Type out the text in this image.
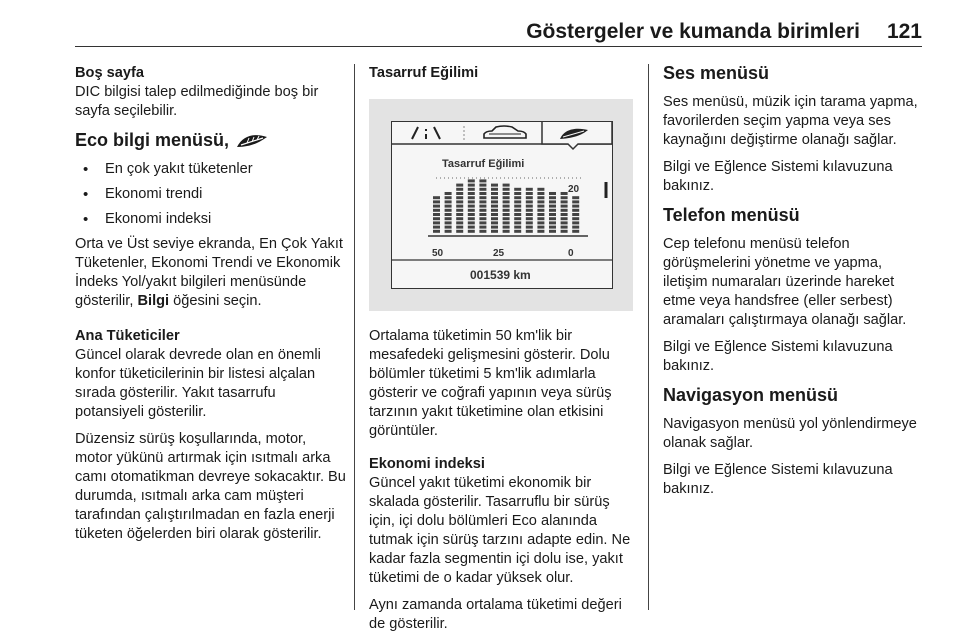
Göstergeler ve kumanda birimleri 121
Boş sayfa

DIC bilgisi talep edilmediğinde boş bir sayfa seçilebilir.

Eco bilgi menüsü,
• En çok yakıt tüketenler
• Ekonomi trendi
• Ekonomi indeksi

Orta ve Üst seviye ekranda, En Çok Yakıt Tüketenler, Ekonomi Trendi ve Ekonomik İndeks Yol/yakıt bilgileri menüsünde gösterilir, Bilgi öğesini seçin.

Ana Tüketiciler

Güncel olarak devrede olan en önemli konfor tüketicilerinin bir listesi alçalan sırada gösterilir. Yakıt tasarrufu potansiyeli gösterilir.

Düzensiz sürüş koşullarında, motor, motor yükünü artırmak için ısıtmalı arka camı otomatikman devreye sokacaktır. Bu durumda, ısıtmalı arka cam müşteri tarafından çalıştırılmadan en fazla enerji tüketen öğelerden biri olarak gösterilir.

Tasarruf Eğilimi
Tasarruf Eğilimi
20
50	25	0
001539 km

Ortalama tüketimin 50 km'lik bir mesafedeki gelişmesini gösterir. Dolu bölümler tüketimi 5 km'lik adımlarla gösterir ve coğrafi yapının veya sürüş tarzının yakıt tüketimine olan etkisini görüntüler.

Ekonomi indeksi

Güncel yakıt tüketimi ekonomik bir skalada gösterilir. Tasarruflu bir sürüş için, içi dolu bölümleri Eco alanında tutmak için sürüş tarzını adapte edin. Ne kadar fazla segmentin içi dolu ise, yakıt tüketimi de o kadar yüksek olur.

Aynı zamanda ortalama tüketimi değeri de gösterilir.

Ses menüsü

Ses menüsü, müzik için tarama yapma, favorilerden seçim yapma veya ses kaynağını değiştirme olanağı sağlar.

Bilgi ve Eğlence Sistemi kılavuzuna bakınız.

Telefon menüsü

Cep telefonu menüsü telefon görüşmelerini yönetme ve yapma, iletişim numaraları üzerinde hareket etme veya handsfree (eller serbest) aramaları çalıştırmaya olanağı sağlar.

Bilgi ve Eğlence Sistemi kılavuzuna bakınız.

Navigasyon menüsü

Navigasyon menüsü yol yönlendirmeye olanak sağlar.

Bilgi ve Eğlence Sistemi kılavuzuna bakınız.
